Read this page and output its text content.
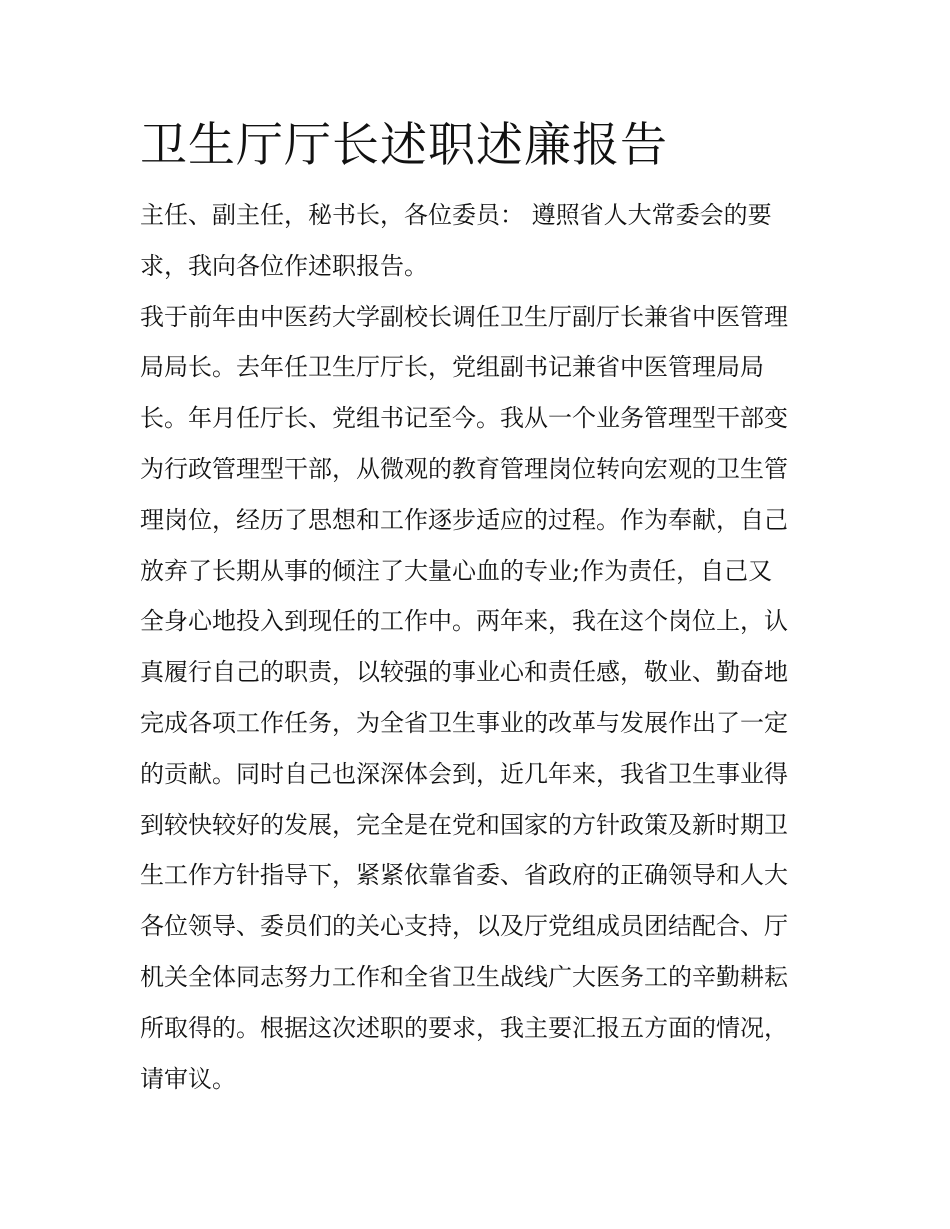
卫生厅厅长述职述廉报告

主任、副主任，秘书长，各位委员： 遵照省人大常委会的要
求，我向各位作述职报告。

我于前年由中医药大学副校长调任卫生厅副厅长兼省中医管理
局局长。去年任卫生厅厅长，党组副书记兼省中医管理局局
长。年月任厅长、党组书记至今。我从一个业务管理型干部变
为行政管理型干部，从微观的教育管理岗位转向宏观的卫生管
理岗位，经历了思想和工作逐步适应的过程。作为奉献，自己
放弃了长期从事的倾注了大量心血的专业;作为责任，自己又
全身心地投入到现任的工作中。两年来，我在这个岗位上，认
真履行自己的职责，以较强的事业心和责任感，敬业、勤奋地
完成各项工作任务，为全省卫生事业的改革与发展作出了一定
的贡献。同时自己也深深体会到，近几年来，我省卫生事业得
到较快较好的发展，完全是在党和国家的方针政策及新时期卫
生工作方针指导下，紧紧依靠省委、省政府的正确领导和人大
各位领导、委员们的关心支持，以及厅党组成员团结配合、厅
机关全体同志努力工作和全省卫生战线广大医务工的辛勤耕耘
所取得的。根据这次述职的要求，我主要汇报五方面的情况，
请审议。
